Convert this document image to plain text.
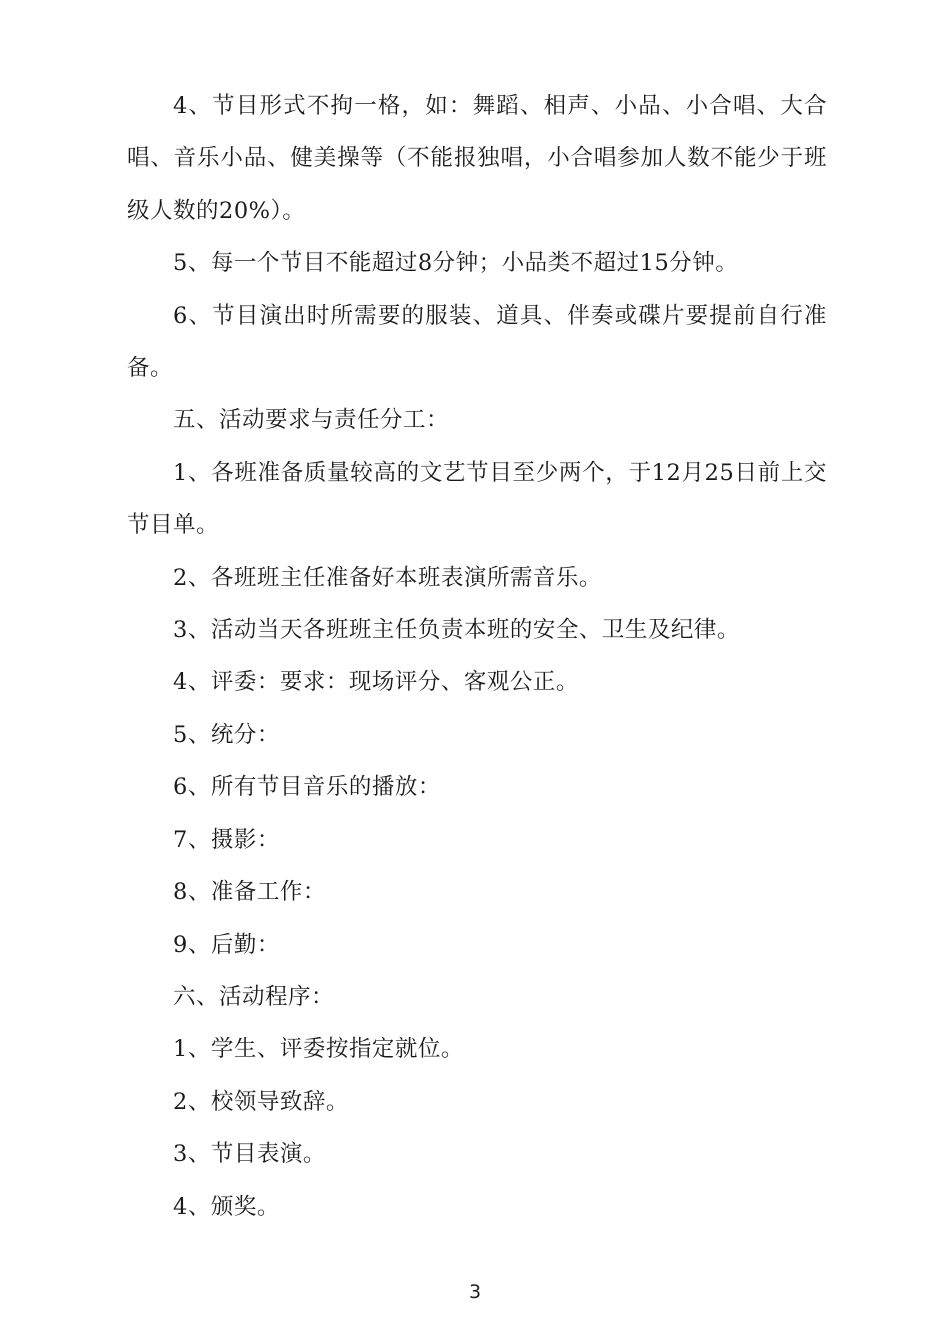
4、节目形式不拘一格，如：舞蹈、相声、小品、小合唱、大合唱、音乐小品、健美操等（不能报独唱，小合唱参加人数不能少于班级人数的20%）。

5、每一个节目不能超过8分钟；小品类不超过15分钟。

6、节目演出时所需要的服装、道具、伴奏或碟片要提前自行准备。

五、活动要求与责任分工：

1、各班准备质量较高的文艺节目至少两个，于12月25日前上交节目单。

2、各班班主任准备好本班表演所需音乐。

3、活动当天各班班主任负责本班的安全、卫生及纪律。

4、评委：要求：现场评分、客观公正。

5、统分：

6、所有节目音乐的播放：

7、摄影：

8、准备工作：

9、后勤：

六、活动程序：

1、学生、评委按指定就位。

2、校领导致辞。

3、节目表演。

4、颁奖。

3
